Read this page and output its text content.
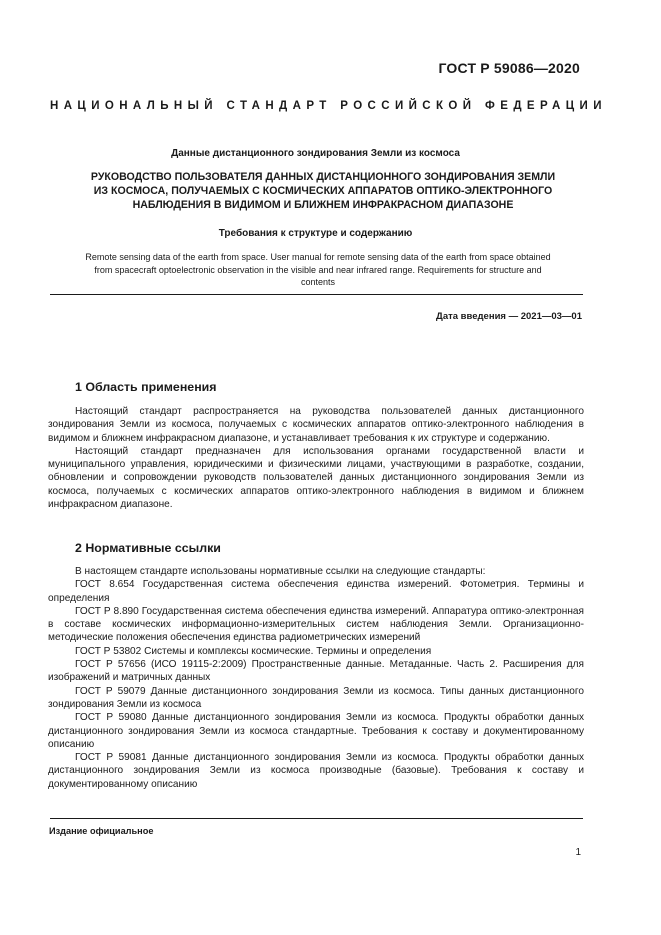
ГОСТ Р 59086—2020
НАЦИОНАЛЬНЫЙ СТАНДАРТ РОССИЙСКОЙ ФЕДЕРАЦИИ
Данные дистанционного зондирования Земли из космоса

РУКОВОДСТВО ПОЛЬЗОВАТЕЛЯ ДАННЫХ ДИСТАНЦИОННОГО ЗОНДИРОВАНИЯ ЗЕМЛИ
ИЗ КОСМОСА, ПОЛУЧАЕМЫХ С КОСМИЧЕСКИХ АППАРАТОВ ОПТИКО-ЭЛЕКТРОННОГО
НАБЛЮДЕНИЯ В ВИДИМОМ И БЛИЖНЕМ ИНФРАКРАСНОМ ДИАПАЗОНЕ

Требования к структуре и содержанию

Remote sensing data of the earth from space. User manual for remote sensing data of the earth from space obtained
from spacecraft optoelectronic observation in the visible and near infrared range. Requirements for structure and
contents

Дата введения — 2021—03—01
1 Область применения

Настоящий стандарт распространяется на руководства пользователей данных дистанционного зондирования Земли из космоса, получаемых с космических аппаратов оптико-электронного наблюдения в видимом и ближнем инфракрасном диапазоне, и устанавливает требования к их структуре и содержанию.

Настоящий стандарт предназначен для использования органами государственной власти и муниципального управления, юридическими и физическими лицами, участвующими в разработке, создании, обновлении и сопровождении руководств пользователей данных дистанционного зондирования Земли из космоса, получаемых с космических аппаратов оптико-электронного наблюдения в видимом и ближнем инфракрасном диапазоне.

2 Нормативные ссылки

В настоящем стандарте использованы нормативные ссылки на следующие стандарты:

ГОСТ 8.654 Государственная система обеспечения единства измерений. Фотометрия. Термины и определения

ГОСТ Р 8.890 Государственная система обеспечения единства измерений. Аппаратура оптико-электронная в составе космических информационно-измерительных систем наблюдения Земли. Организационно-методические положения обеспечения единства радиометрических измерений

ГОСТ Р 53802 Системы и комплексы космические. Термины и определения

ГОСТ Р 57656 (ИСО 19115-2:2009) Пространственные данные. Метаданные. Часть 2. Расширения для изображений и матричных данных

ГОСТ Р 59079 Данные дистанционного зондирования Земли из космоса. Типы данных дистанционного зондирования Земли из космоса

ГОСТ Р 59080 Данные дистанционного зондирования Земли из космоса. Продукты обработки данных дистанционного зондирования Земли из космоса стандартные. Требования к составу и документированному описанию

ГОСТ Р 59081 Данные дистанционного зондирования Земли из космоса. Продукты обработки данных дистанционного зондирования Земли из космоса производные (базовые). Требования к составу и документированному описанию

Издание официальное
1
